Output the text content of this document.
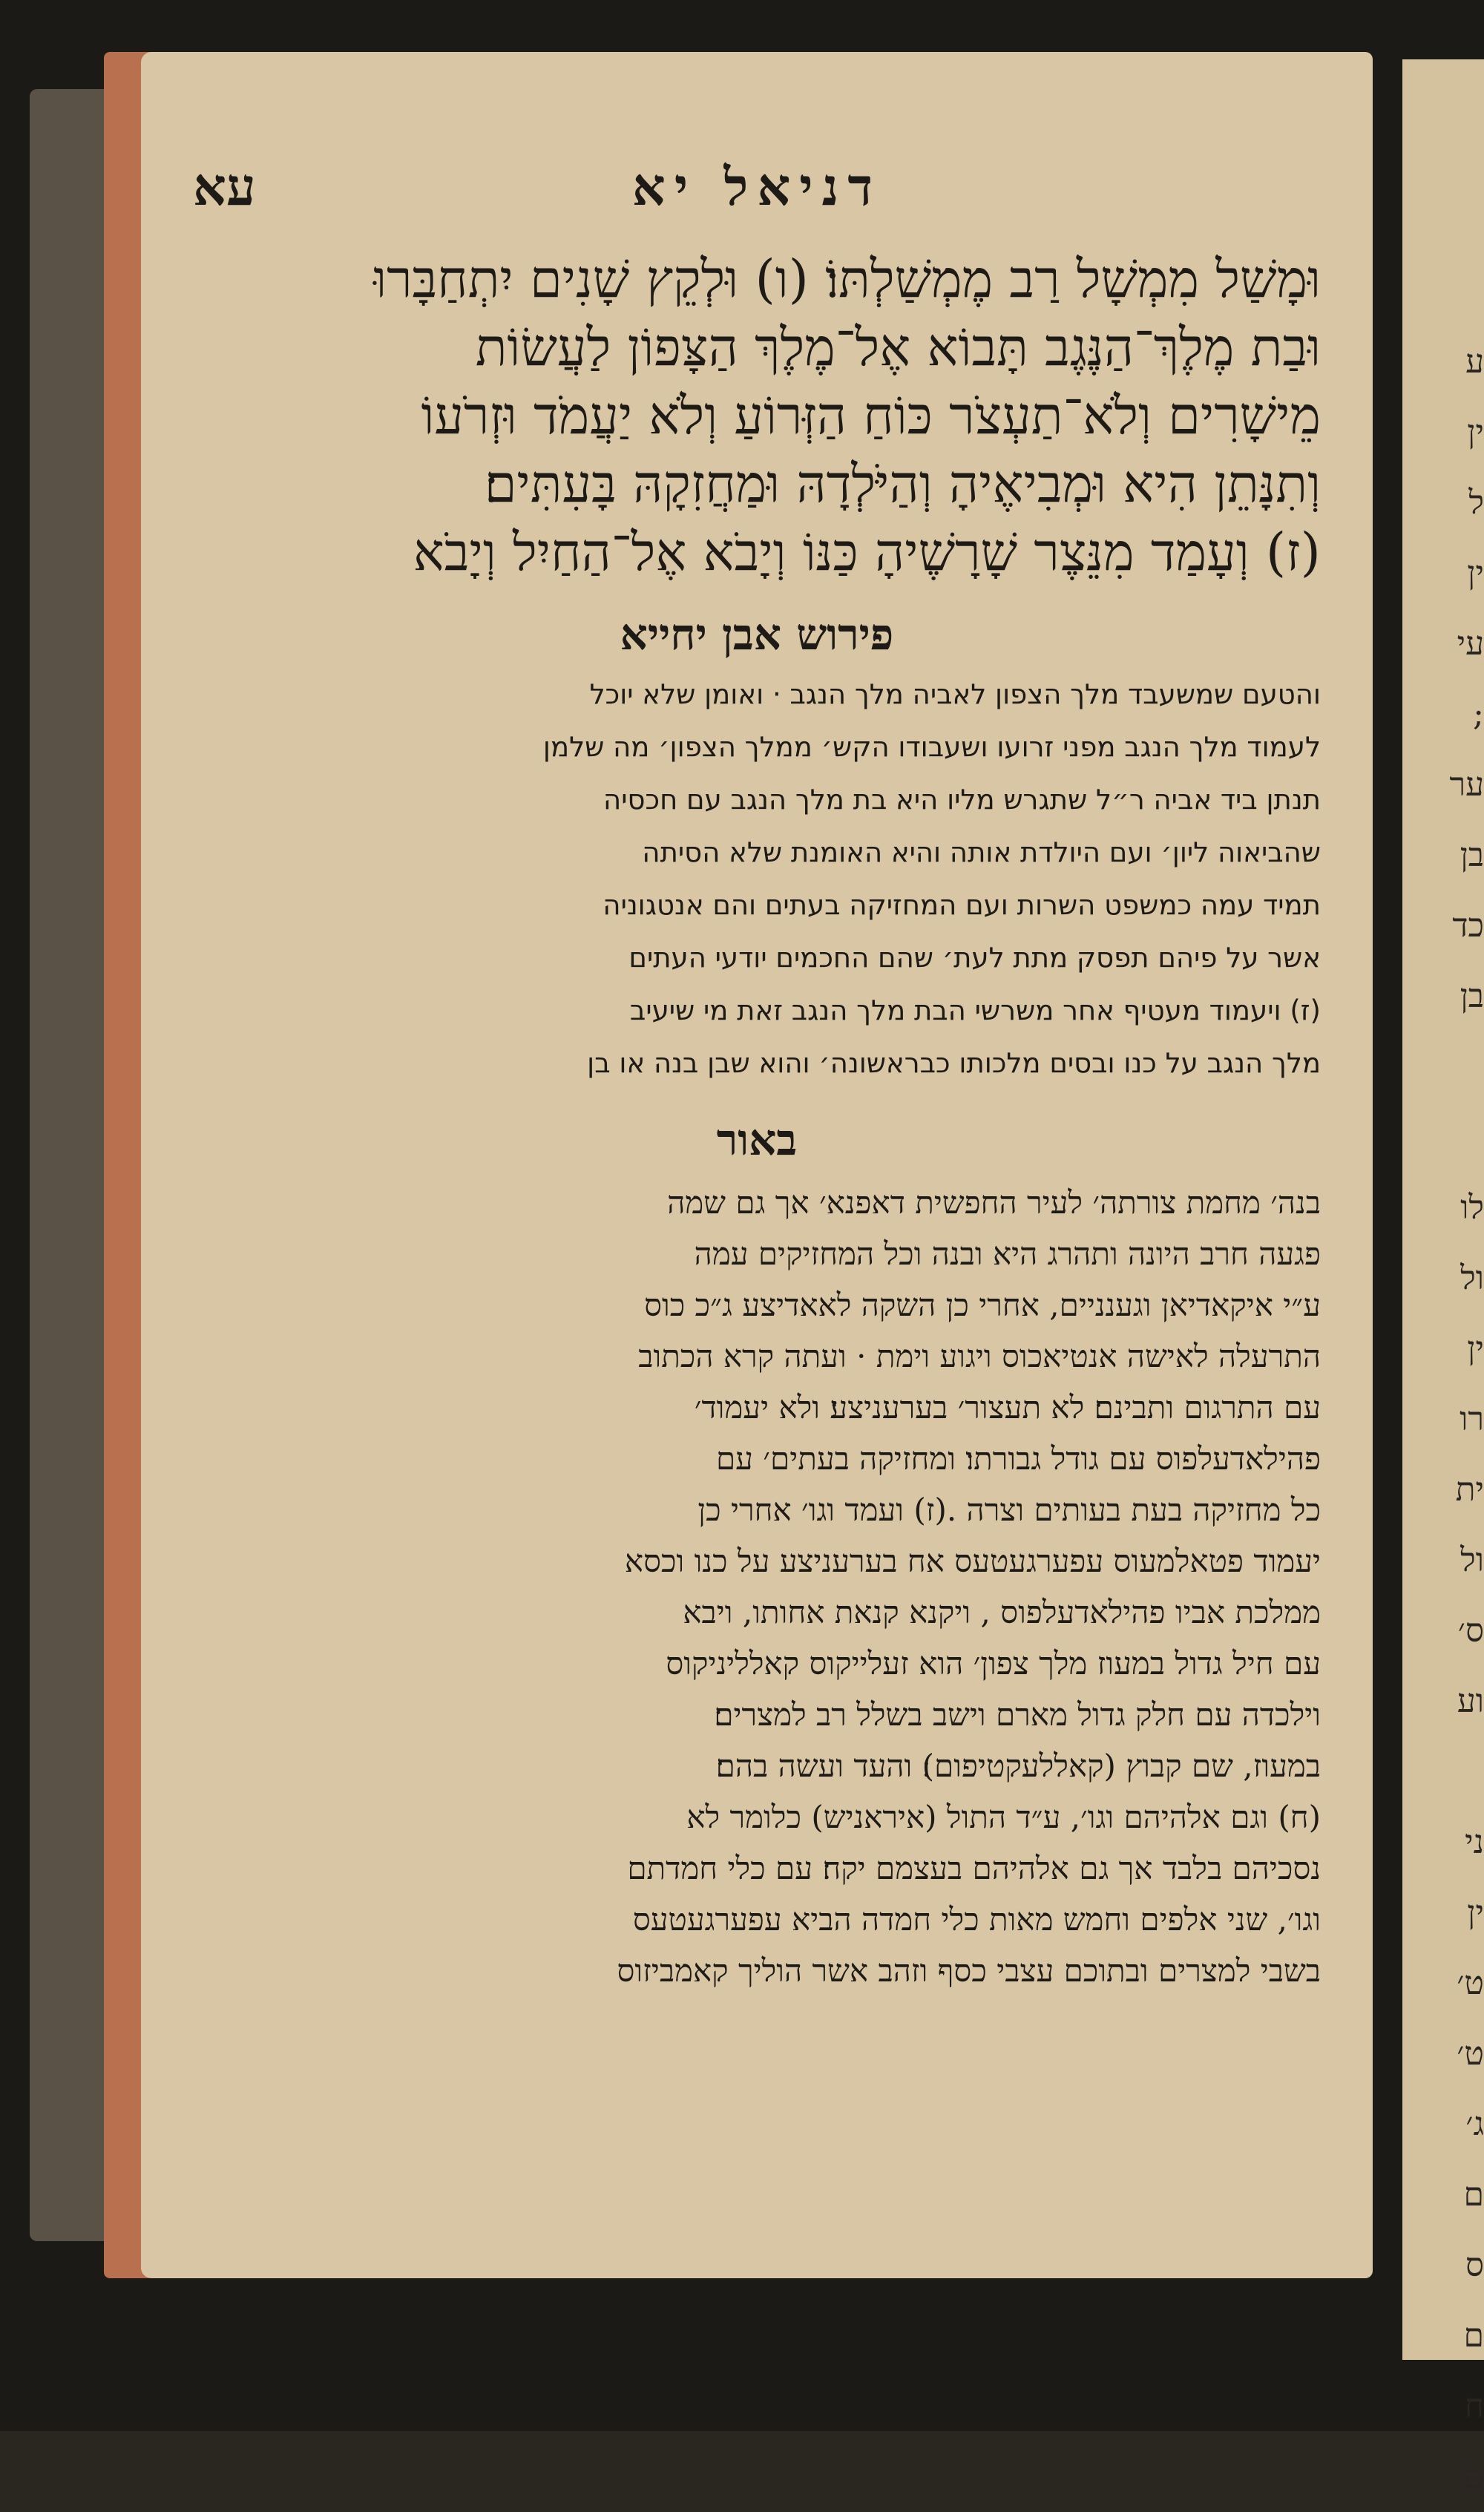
ע
ין
ל
ין
עי
;
ער
בן
כד
בן
לו
ול
ין
רו
ית
ול
ס׳
וע
ני
ין
ט׳
ט׳
ג׳
ם
ס
ם
ח
ם
דניאל יא
עא
וּמָשַׁל מִמְשָׁל רַב מֶמְשַׁלְתּוֹ׃ (ו) וּלְקֵץ שָׁנִים יִתְחַבָּרוּ
וּבַת מֶלֶךְ־הַנֶּגֶב תָּבוֹא אֶל־מֶלֶךְ הַצָּפוֹן לַעֲשׂוֹת
מֵישָׁרִים וְלֹא־תַעְצֹר כּוֹחַ הַזְּרוֹעַ וְלֹא יַעֲמֹד וּזְרֹעוֹ
וְתִנָּתֵן הִיא וּמְבִיאֶיהָ וְהַיֹּלְדָהּ וּמַחֲזִקָהּ בָּעִתִּים׃
(ז) וְעָמַד מִנֵּצֶר שָׁרָשֶׁיהָ כַּנּוֹ וְיָבֹא אֶל־הַחַיִל וְיָבֹא
פירוש אבן יחייא
והטעם שמשעבד מלך הצפון לאביה מלך הנגב · ואומן שלא יוכל
לעמוד מלך הנגב מפני זרועו ושעבודו הקש׳ ממלך הצפון׳ מה שלמן
תנתן ביד אביה ר״ל שתגרש מליו היא בת מלך הנגב עם חכסיה
שהביאוה ליון׳ ועם היולדת אותה והיא האומנת שלא הסיתה
תמיד עמה כמשפט השרות ועם המחזיקה בעתים והם אנטגוניה
אשר על פיהם תפסק מתת לעת׳ שהם החכמים יודעי העתים
(ז) ויעמוד מעטיף אחר משרשי הבת מלך הנגב זאת מי שיעיב
מלך הנגב על כנו ובסים מלכותו כבראשונה׳ והוא שבן בנה או בן
באור
בנה׳ מחמת צורתה׳ לעיר החפשית דאפנא׳ אך גם שמה
פגעה חרב היונה ותהרג היא ובנה וכל המחזיקים עמה
ע״י איקאדיאן וגענניים, אחרי כן השקה לאאדיצע ג״כ כוס
התרעלה לאישה אנטיאכוס ויגוע וימת · ועתה קרא הכתוב
עם התרגום ותבינם׃ לא תעצור׳ בערעניצע׃ ולא יעמוד׳
פהילאדעלפוס עם גודל גבורתו׃ ומחזיקה בעתים׳ עם
כל מחזיקה בעת בעותים וצרה .(ז) ועמד וגו׳ אחרי כן
יעמוד פטאלמעוס עפערגעטעס אח בערעניצע על כנו וכסא
ממלכת אביו פהילאדעלפוס , ויקנא קנאת אחותו, ויבא
עם חיל גדול במעוז מלך צפון׳ הוא זעלייקוס קאלליניקוס
וילכדה עם חלק גדול מארם וישב בשלל רב למצרים׃
במעוז, שם קבוץ (קאללעקטיפום)׃ והעד ועשה בהם׃
(ח) וגם אלהיהם וגו׳, ע״ד התול (איראניש) כלומר לא
נסכיהם בלבד אך גם אלהיהם בעצמם יקח׃ עם כלי חמדתם
וגו׳, שני אלפים וחמש מאות כלי חמדה הביא עפערגעטעס
בשבי למצרים ובתוכם עצבי כסף וזהב אשר הוליך קאמביזוס
